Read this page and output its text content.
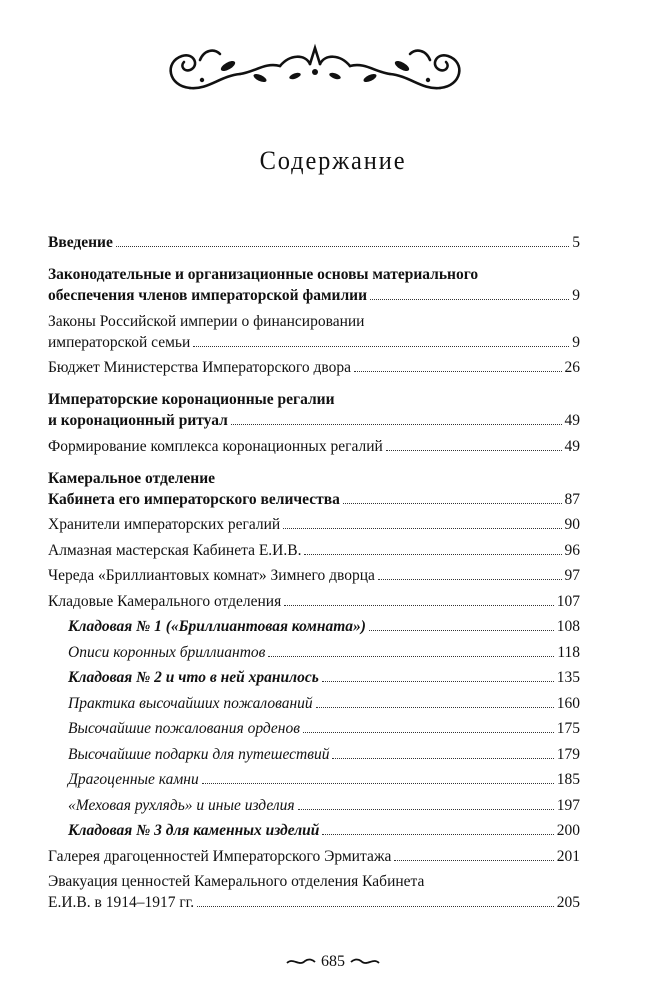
Содержание
Введение	5
Законодательные и организационные основы материального
обеспечения членов императорской фамилии	9
Законы Российской империи о финансировании
императорской семьи	9
Бюджет Министерства Императорского двора	26
Императорские коронационные регалии
и коронационный ритуал	49
Формирование комплекса коронационных регалий	49
Камеральное отделение
Кабинета его императорского величества	87
Хранители императорских регалий	90
Алмазная мастерская Кабинета Е.И.В.	96
Череда «Бриллиантовых комнат» Зимнего дворца	97
Кладовые Камерального отделения	107
Кладовая № 1 («Бриллиантовая комната»)	108
Описи коронных бриллиантов	118
Кладовая № 2 и что в ней хранилось	135
Практика высочайших пожалований	160
Высочайшие пожалования орденов	175
Высочайшие подарки для путешествий	179
Драгоценные камни	185
«Меховая рухлядь» и иные изделия	197
Кладовая № 3 для каменных изделий	200
Галерея драгоценностей Императорского Эрмитажа	201
Эвакуация ценностей Камерального отделения Кабинета
Е.И.В. в 1914–1917 гг.	205
685
